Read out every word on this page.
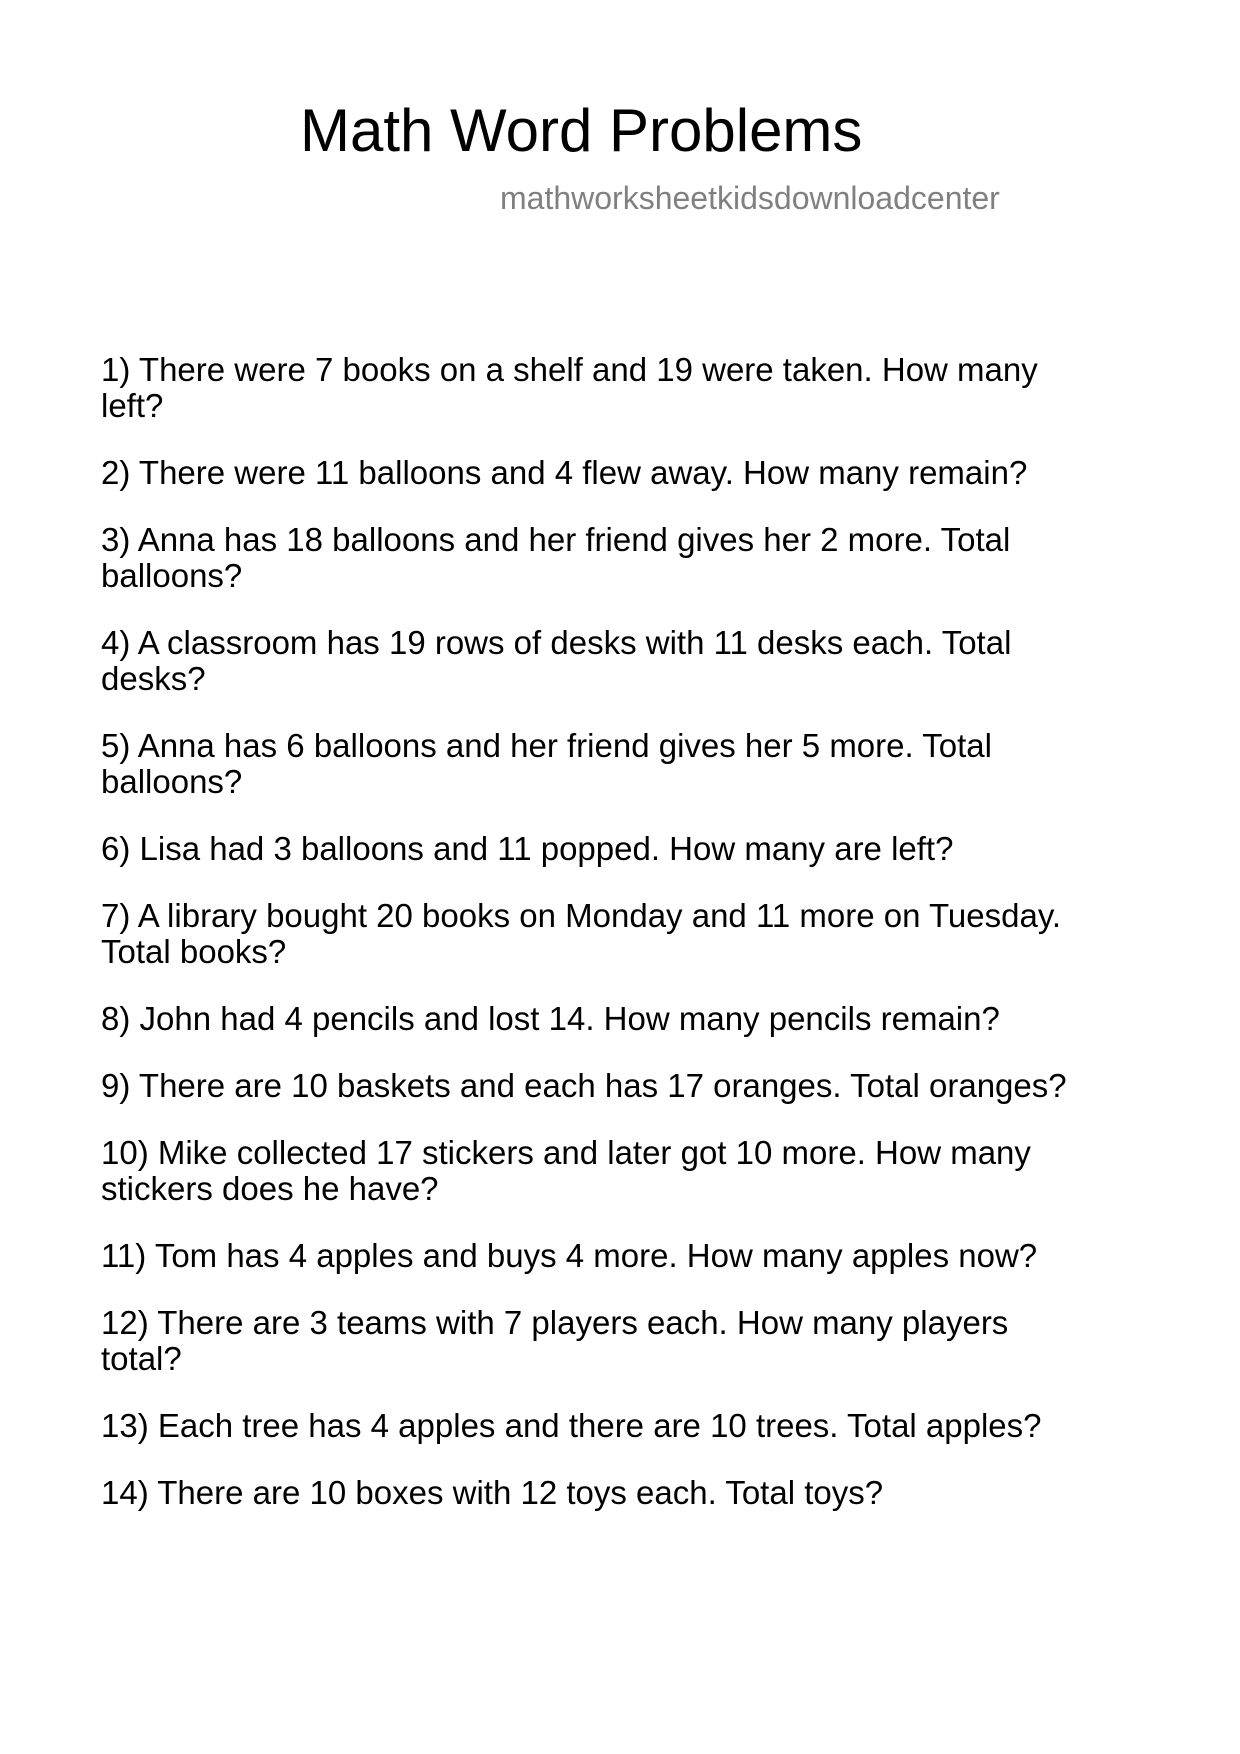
Math Word Problems
mathworksheetkidsdownloadcenter
1) There were 7 books on a shelf and 19 were taken. How many
left?
2) There were 11 balloons and 4 flew away. How many remain?
3) Anna has 18 balloons and her friend gives her 2 more. Total
balloons?
4) A classroom has 19 rows of desks with 11 desks each. Total
desks?
5) Anna has 6 balloons and her friend gives her 5 more. Total
balloons?
6) Lisa had 3 balloons and 11 popped. How many are left?
7) A library bought 20 books on Monday and 11 more on Tuesday.
Total books?
8) John had 4 pencils and lost 14. How many pencils remain?
9) There are 10 baskets and each has 17 oranges. Total oranges?
10) Mike collected 17 stickers and later got 10 more. How many
stickers does he have?
11) Tom has 4 apples and buys 4 more. How many apples now?
12) There are 3 teams with 7 players each. How many players
total?
13) Each tree has 4 apples and there are 10 trees. Total apples?
14) There are 10 boxes with 12 toys each. Total toys?
